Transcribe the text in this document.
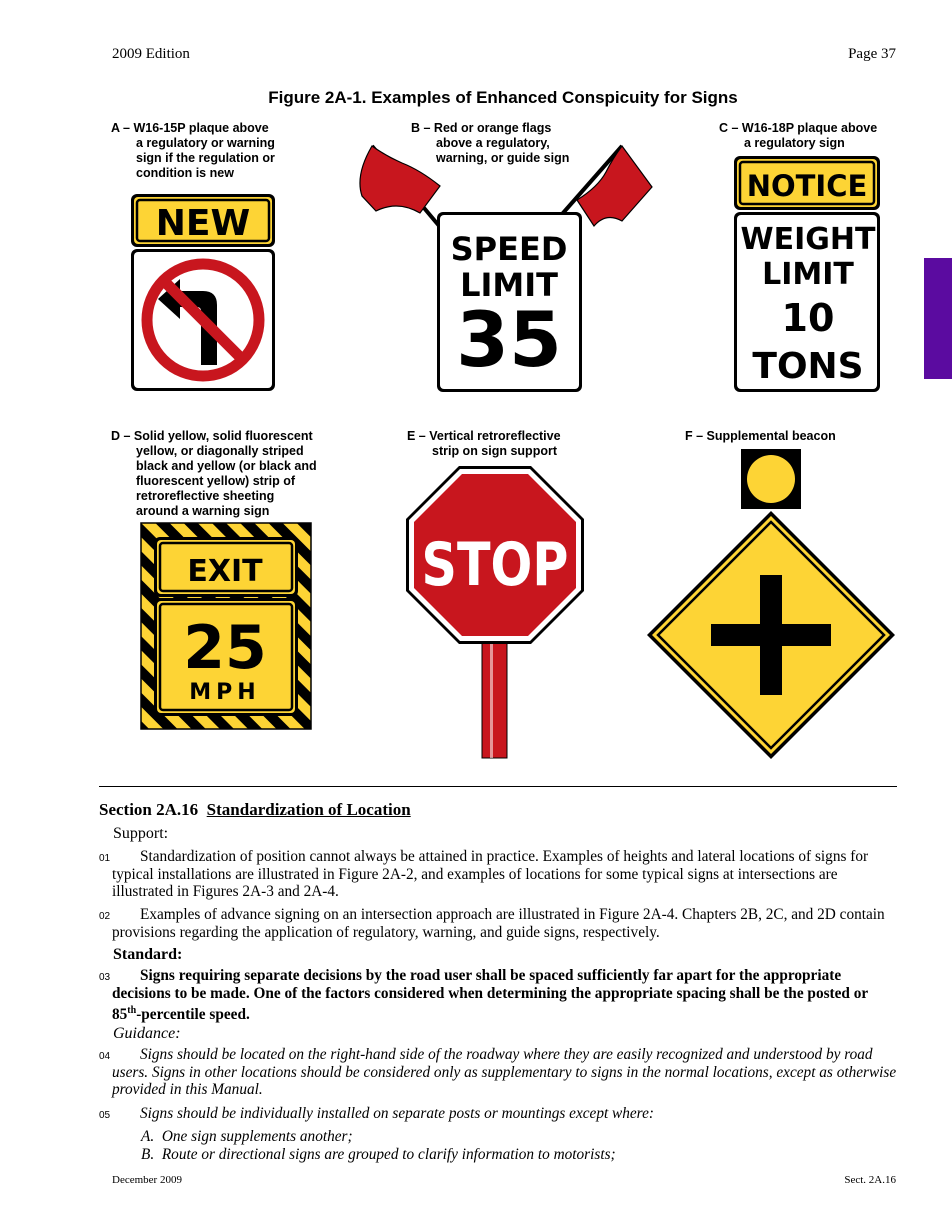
2009 Edition	Page 37
Figure 2A-1. Examples of Enhanced Conspicuity for Signs
A – W16-15P plaque above
a regulatory or warning
sign if the regulation or
condition is new
B – Red or orange flags
above a regulatory,
warning, or guide sign
C – W16-18P plaque above
a regulatory sign
D – Solid yellow, solid fluorescent
yellow, or diagonally striped
black and yellow (or black and
fluorescent yellow) strip of
retroreflective sheeting
around a warning sign
E – Vertical retroreflective
strip on sign support
F – Supplemental beacon
NEW
SPEED
LIMIT
35
NOTICE
WEIGHT
LIMIT
10
TONS
EXIT
25
MPH
STOP
Section 2A.16 Standardization of Location
Support:
01	Standardization of position cannot always be attained in practice. Examples of heights and lateral locations of signs for typical installations are illustrated in Figure 2A-2, and examples of locations for some typical signs at intersections are illustrated in Figures 2A-3 and 2A-4.
02	Examples of advance signing on an intersection approach are illustrated in Figure 2A-4. Chapters 2B, 2C, and 2D contain provisions regarding the application of regulatory, warning, and guide signs, respectively.
Standard:
03	Signs requiring separate decisions by the road user shall be spaced sufficiently far apart for the appropriate decisions to be made. One of the factors considered when determining the appropriate spacing shall be the posted or 85th-percentile speed.
Guidance:
04	Signs should be located on the right-hand side of the roadway where they are easily recognized and understood by road users. Signs in other locations should be considered only as supplementary to signs in the normal locations, except as otherwise provided in this Manual.
05	Signs should be individually installed on separate posts or mountings except where:
A. One sign supplements another;
B. Route or directional signs are grouped to clarify information to motorists;
December 2009	Sect. 2A.16
